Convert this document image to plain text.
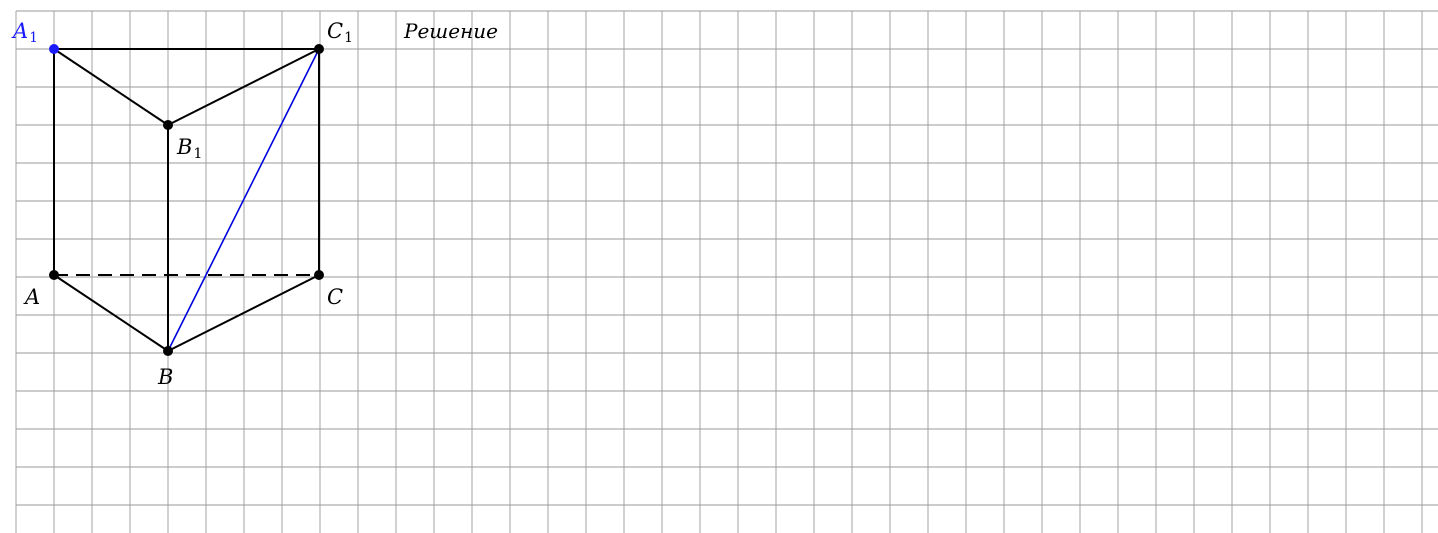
A1
B1
C1
A
B
C
Решение
